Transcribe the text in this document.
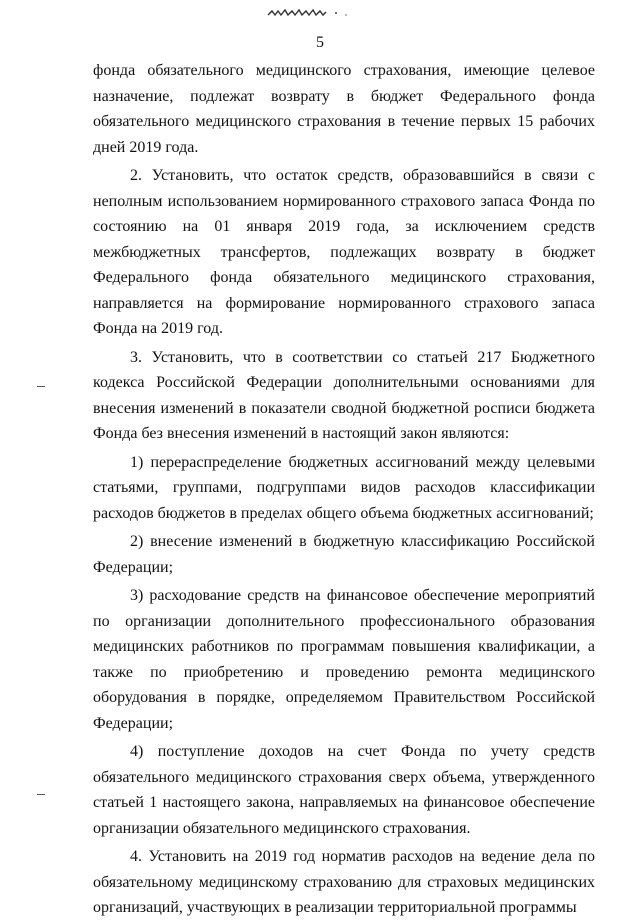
5

фонда обязательного медицинского страхования, имеющие целевое назначение, подлежат возврату в бюджет Федерального фонда обязательного медицинского страхования в течение первых 15 рабочих дней 2019 года.

2. Установить, что остаток средств, образовавшийся в связи с неполным использованием нормированного страхового запаса Фонда по состоянию на 01 января 2019 года, за исключением средств межбюджетных трансфертов, подлежащих возврату в бюджет Федерального фонда обязательного медицинского страхования, направляется на формирование нормированного страхового запаса Фонда на 2019 год.

3. Установить, что в соответствии со статьей 217 Бюджетного кодекса Российской Федерации дополнительными основаниями для внесения изменений в показатели сводной бюджетной росписи бюджета Фонда без внесения изменений в настоящий закон являются:

1) перераспределение бюджетных ассигнований между целевыми статьями, группами, подгруппами видов расходов классификации расходов бюджетов в пределах общего объема бюджетных ассигнований;

2) внесение изменений в бюджетную классификацию Российской Федерации;

3) расходование средств на финансовое обеспечение мероприятий по организации дополнительного профессионального образования медицинских работников по программам повышения квалификации, а также по приобретению и проведению ремонта медицинского оборудования в порядке, определяемом Правительством Российской Федерации;

4) поступление доходов на счет Фонда по учету средств обязательного медицинского страхования сверх объема, утвержденного статьей 1 настоящего закона, направляемых на финансовое обеспечение организации обязательного медицинского страхования.

4. Установить на 2019 год норматив расходов на ведение дела по обязательному медицинскому страхованию для страховых медицинских организаций, участвующих в реализации территориальной программы
